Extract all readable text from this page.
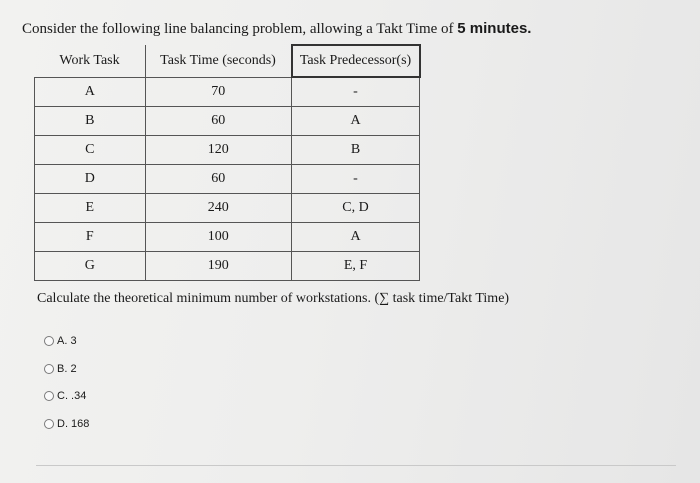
Consider the following line balancing problem, allowing a Takt Time of 5 minutes.
Work Task	Task Time (seconds)	Task Predecessor(s)
A	70	-
B	60	A
C	120	B
D	60	-
E	240	C, D
F	100	A
G	190	E, F
Calculate the theoretical minimum number of workstations. (∑ task time/Takt Time)
A. 3
B. 2
C. .34
D. 168
